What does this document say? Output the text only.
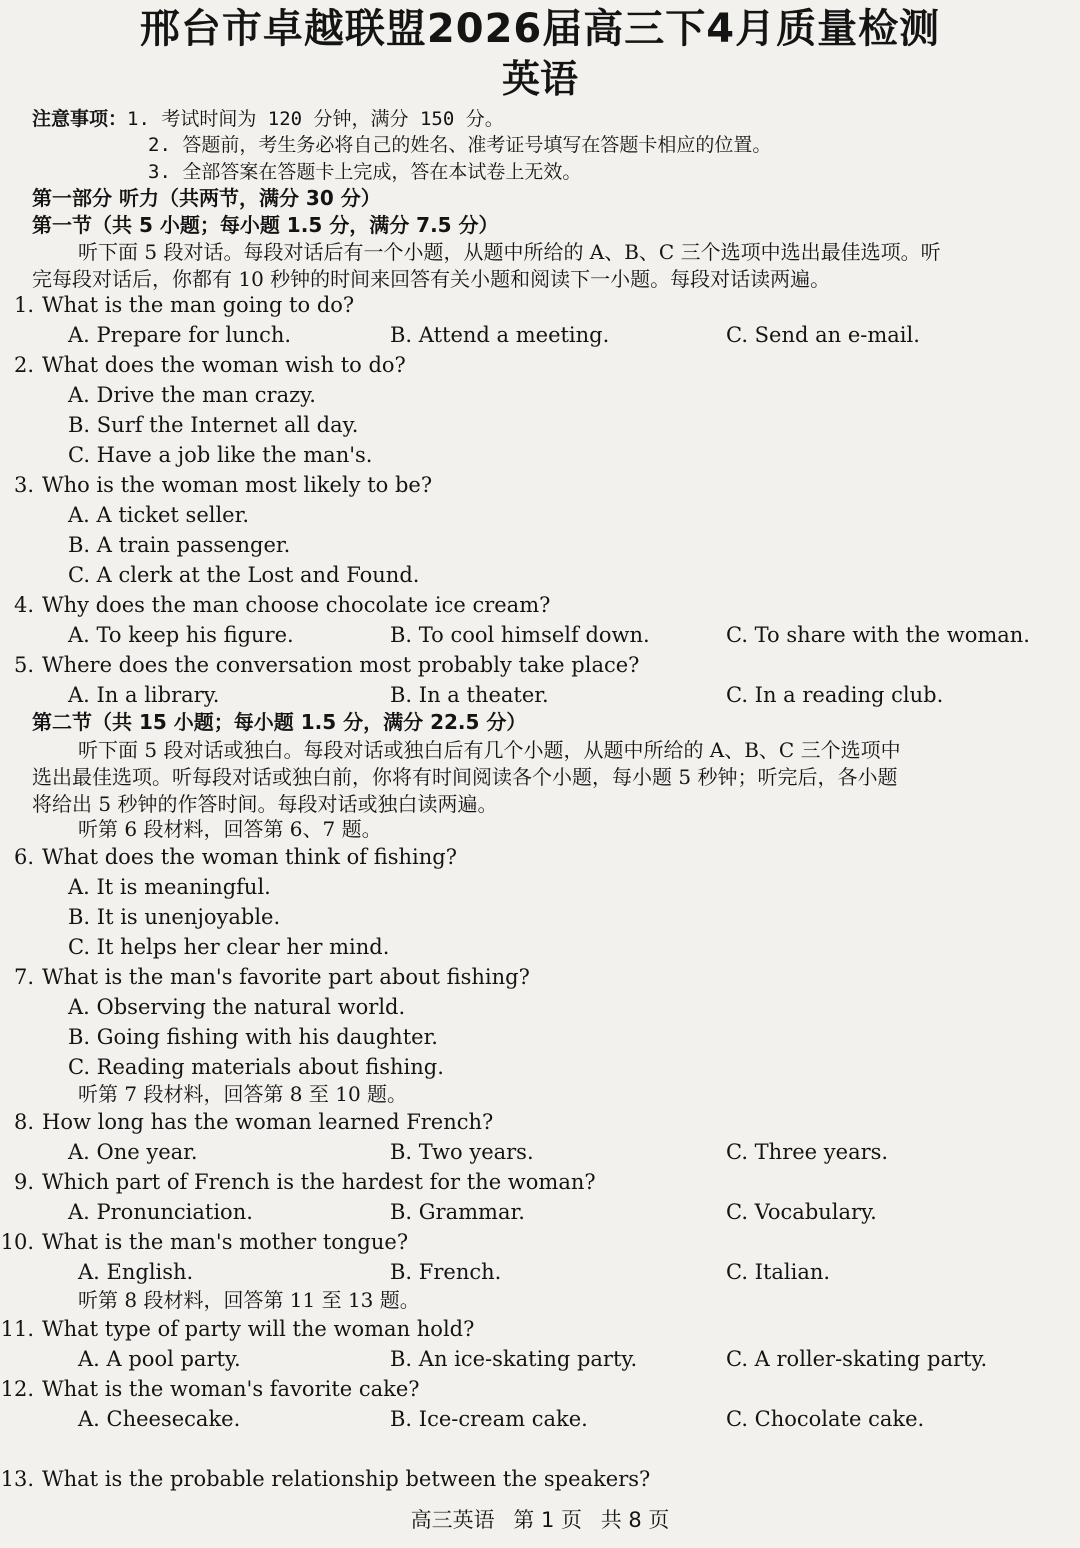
邢台市卓越联盟2026届高三下4月质量检测
英语
注意事项：1. 考试时间为 120 分钟，满分 150 分。
2. 答题前，考生务必将自己的姓名、准考证号填写在答题卡相应的位置。
3. 全部答案在答题卡上完成，答在本试卷上无效。
第一部分 听力（共两节，满分 30 分）
第一节（共 5 小题；每小题 1.5 分，满分 7.5 分）
听下面 5 段对话。每段对话后有一个小题，从题中所给的 A、B、C 三个选项中选出最佳选项。听
完每段对话后，你都有 10 秒钟的时间来回答有关小题和阅读下一小题。每段对话读两遍。
1. What is the man going to do?
A. Prepare for lunch.	B. Attend a meeting.	C. Send an e-mail.
2. What does the woman wish to do?
A. Drive the man crazy.
B. Surf the Internet all day.
C. Have a job like the man's.
3. Who is the woman most likely to be?
A. A ticket seller.
B. A train passenger.
C. A clerk at the Lost and Found.
4. Why does the man choose chocolate ice cream?
A. To keep his figure.	B. To cool himself down.	C. To share with the woman.
5. Where does the conversation most probably take place?
A. In a library.	B. In a theater.	C. In a reading club.
第二节（共 15 小题；每小题 1.5 分，满分 22.5 分）
听下面 5 段对话或独白。每段对话或独白后有几个小题，从题中所给的 A、B、C 三个选项中
选出最佳选项。听每段对话或独白前，你将有时间阅读各个小题，每小题 5 秒钟；听完后，各小题
将给出 5 秒钟的作答时间。每段对话或独白读两遍。
听第 6 段材料，回答第 6、7 题。
6. What does the woman think of fishing?
A. It is meaningful.
B. It is unenjoyable.
C. It helps her clear her mind.
7. What is the man's favorite part about fishing?
A. Observing the natural world.
B. Going fishing with his daughter.
C. Reading materials about fishing.
听第 7 段材料，回答第 8 至 10 题。
8. How long has the woman learned French?
A. One year.	B. Two years.	C. Three years.
9. Which part of French is the hardest for the woman?
A. Pronunciation.	B. Grammar.	C. Vocabulary.
10. What is the man's mother tongue?
A. English.	B. French.	C. Italian.
听第 8 段材料，回答第 11 至 13 题。
11. What type of party will the woman hold?
A. A pool party.	B. An ice-skating party.	C. A roller-skating party.
12. What is the woman's favorite cake?
A. Cheesecake.	B. Ice-cream cake.	C. Chocolate cake.
13. What is the probable relationship between the speakers?
高三英语 第 1 页 共 8 页
